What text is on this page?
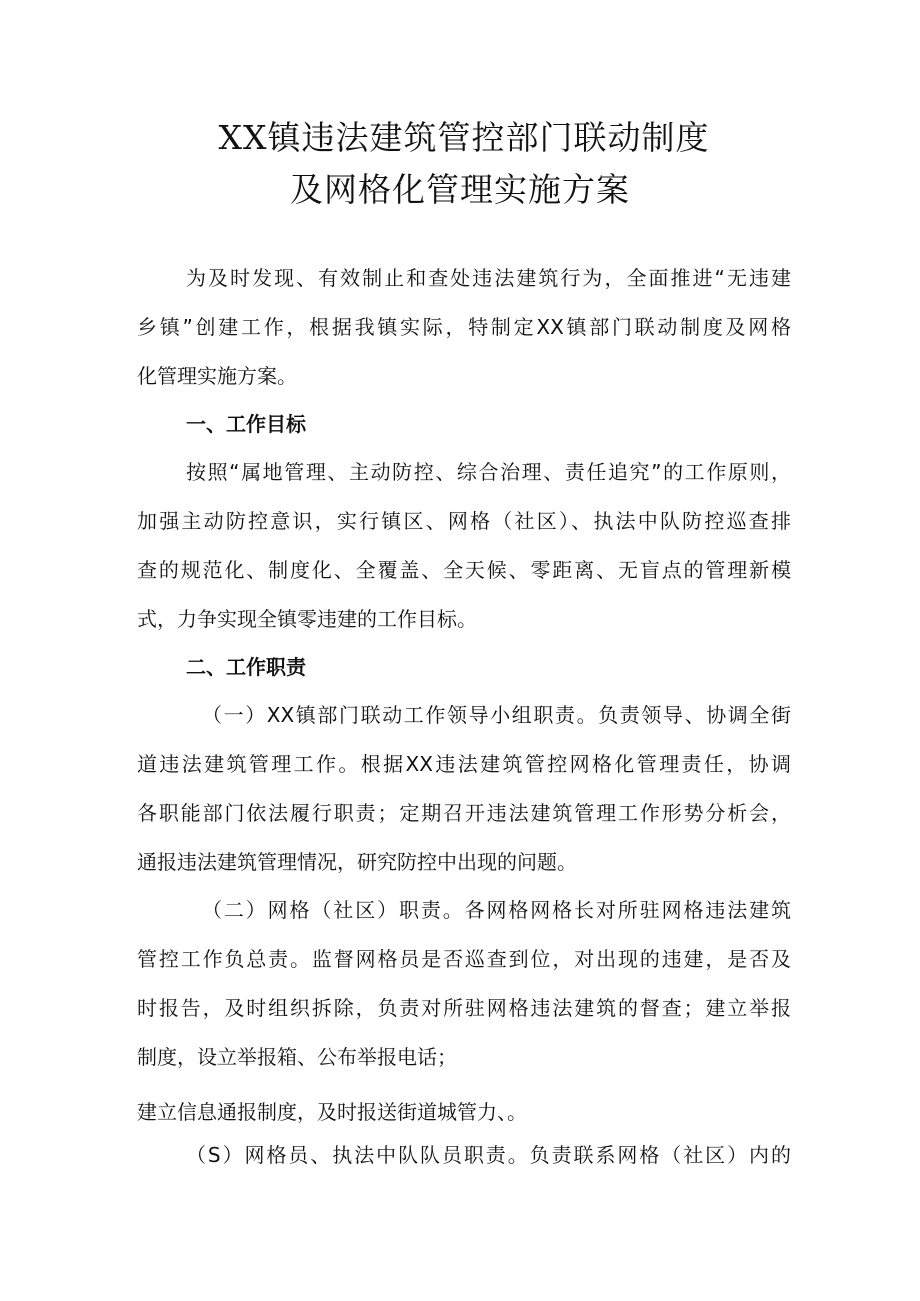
XX镇违法建筑管控部门联动制度
及网格化管理实施方案
为及时发现、有效制止和查处违法建筑行为，全面推进“无违建
乡镇”创建工作，根据我镇实际，特制定XX镇部门联动制度及网格
化管理实施方案。
一、工作目标
按照“属地管理、主动防控、综合治理、责任追究”的工作原则，
加强主动防控意识，实行镇区、网格（社区）、执法中队防控巡查排
查的规范化、制度化、全覆盖、全天候、零距离、无盲点的管理新模
式，力争实现全镇零违建的工作目标。
二、工作职责
（一）XX镇部门联动工作领导小组职责。负责领导、协调全街
道违法建筑管理工作。根据XX违法建筑管控网格化管理责任，协调
各职能部门依法履行职责；定期召开违法建筑管理工作形势分析会，
通报违法建筑管理情况，研究防控中出现的问题。
（二）网格（社区）职责。各网格网格长对所驻网格违法建筑
管控工作负总责。监督网格员是否巡查到位，对出现的违建，是否及
时报告，及时组织拆除，负责对所驻网格违法建筑的督查；建立举报
制度，设立举报箱、公布举报电话；
建立信息通报制度，及时报送街道城管力、。
（S）网格员、执法中队队员职责。负责联系网格（社区）内的
